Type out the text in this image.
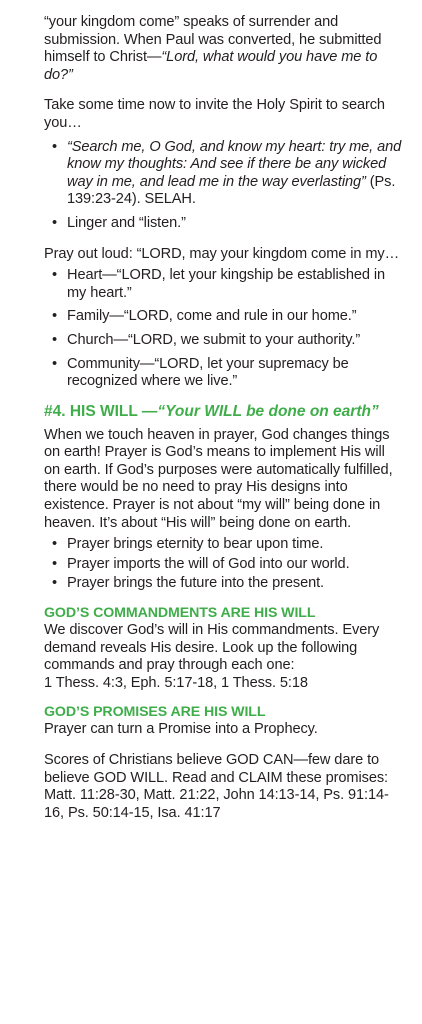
“your kingdom come” speaks of surrender and submission. When Paul was converted, he submitted himself to Christ—“Lord, what would you have me to do?”

Take some time now to invite the Holy Spirit to search you…

• “Search me, O God, and know my heart: try me, and know my thoughts: And see if there be any wicked way in me, and lead me in the way everlasting” (Ps. 139:23-24). SELAH.
• Linger and “listen.”

Pray out loud: “LORD, may your kingdom come in my…

• Heart—“LORD, let your kingship be established in my heart.”
• Family—“LORD, come and rule in our home.”
• Church—“LORD, we submit to your authority.”
• Community—“LORD, let your supremacy be recognized where we live.”
#4. HIS WILL —“Your WILL be done on earth”

When we touch heaven in prayer, God changes things on earth! Prayer is God’s means to implement His will on earth. If God’s purposes were automatically fulfilled, there would be no need to pray His designs into existence. Prayer is not about “my will” being done in heaven. It’s about “His will” being done on earth.

• Prayer brings eternity to bear upon time.
• Prayer imports the will of God into our world.
• Prayer brings the future into the present.
GOD’S COMMANDMENTS ARE HIS WILL

We discover God’s will in His commandments. Every demand reveals His desire. Look up the following commands and pray through each one:

1 Thess. 4:3, Eph. 5:17-18, 1 Thess. 5:18

GOD’S PROMISES ARE HIS WILL

Prayer can turn a Promise into a Prophecy.

Scores of Christians believe GOD CAN—few dare to believe GOD WILL. Read and CLAIM these promises: Matt. 11:28-30, Matt. 21:22, John 14:13-14, Ps. 91:14-16, Ps. 50:14-15, Isa. 41:17
